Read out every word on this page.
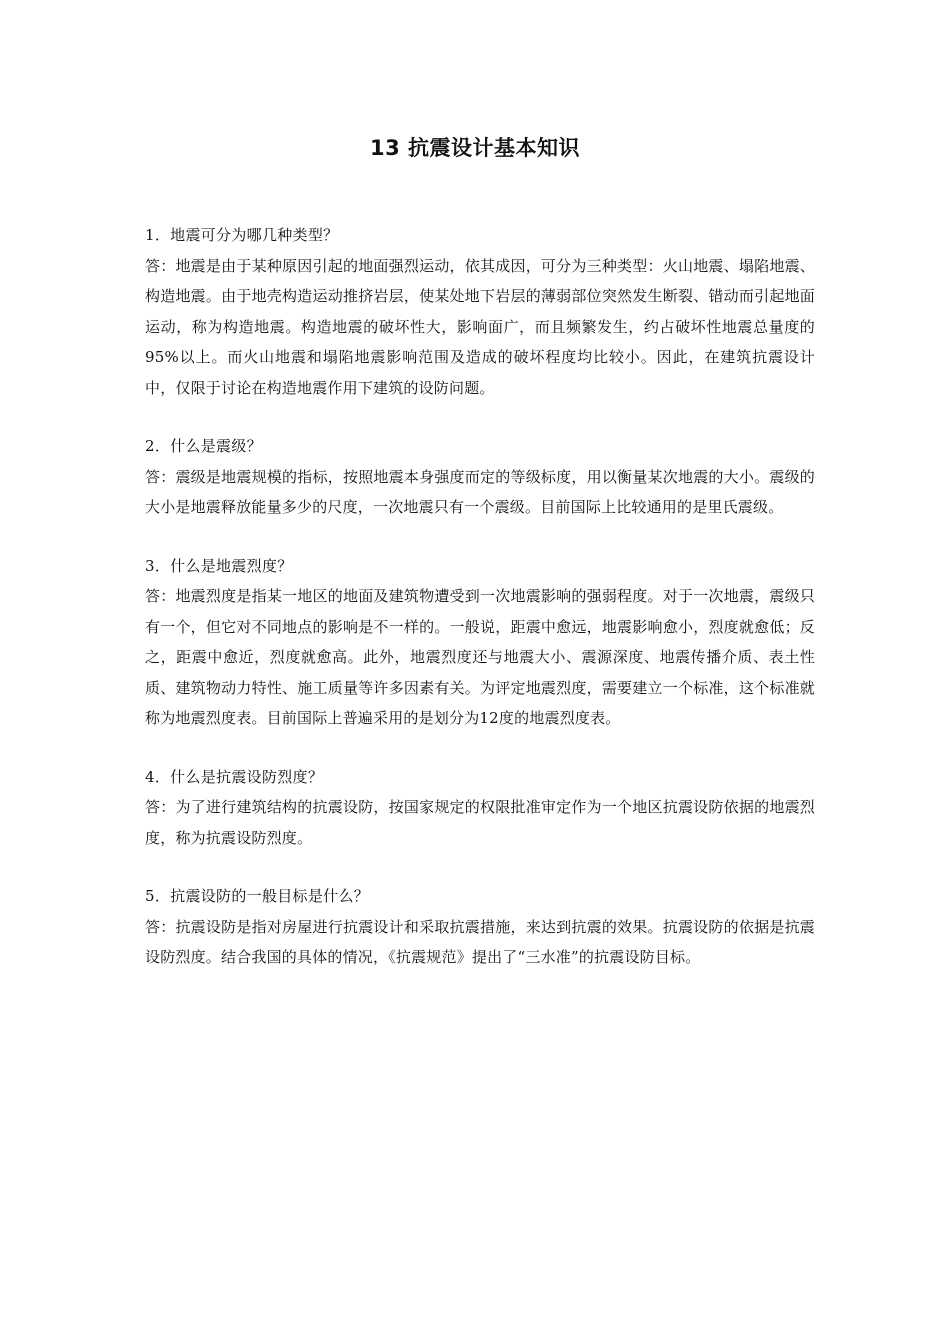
13 抗震设计基本知识

1．地震可分为哪几种类型？

答：地震是由于某种原因引起的地面强烈运动，依其成因，可分为三种类型：火山地震、塌陷地震、构造地震。由于地壳构造运动推挤岩层，使某处地下岩层的薄弱部位突然发生断裂、错动而引起地面运动，称为构造地震。构造地震的破坏性大，影响面广，而且频繁发生，约占破坏性地震总量度的95%以上。而火山地震和塌陷地震影响范围及造成的破坏程度均比较小。因此，在建筑抗震设计中，仅限于讨论在构造地震作用下建筑的设防问题。

2．什么是震级？

答：震级是地震规模的指标，按照地震本身强度而定的等级标度，用以衡量某次地震的大小。震级的大小是地震释放能量多少的尺度，一次地震只有一个震级。目前国际上比较通用的是里氏震级。

3．什么是地震烈度？

答：地震烈度是指某一地区的地面及建筑物遭受到一次地震影响的强弱程度。对于一次地震，震级只有一个，但它对不同地点的影响是不一样的。一般说，距震中愈远，地震影响愈小，烈度就愈低；反之，距震中愈近，烈度就愈高。此外，地震烈度还与地震大小、震源深度、地震传播介质、表土性质、建筑物动力特性、施工质量等许多因素有关。为评定地震烈度，需要建立一个标准，这个标准就称为地震烈度表。目前国际上普遍采用的是划分为12度的地震烈度表。

4．什么是抗震设防烈度？

答：为了进行建筑结构的抗震设防，按国家规定的权限批准审定作为一个地区抗震设防依据的地震烈度，称为抗震设防烈度。

5．抗震设防的一般目标是什么？

答：抗震设防是指对房屋进行抗震设计和采取抗震措施，来达到抗震的效果。抗震设防的依据是抗震设防烈度。结合我国的具体的情况，《抗震规范》提出了“三水准”的抗震设防目标。
